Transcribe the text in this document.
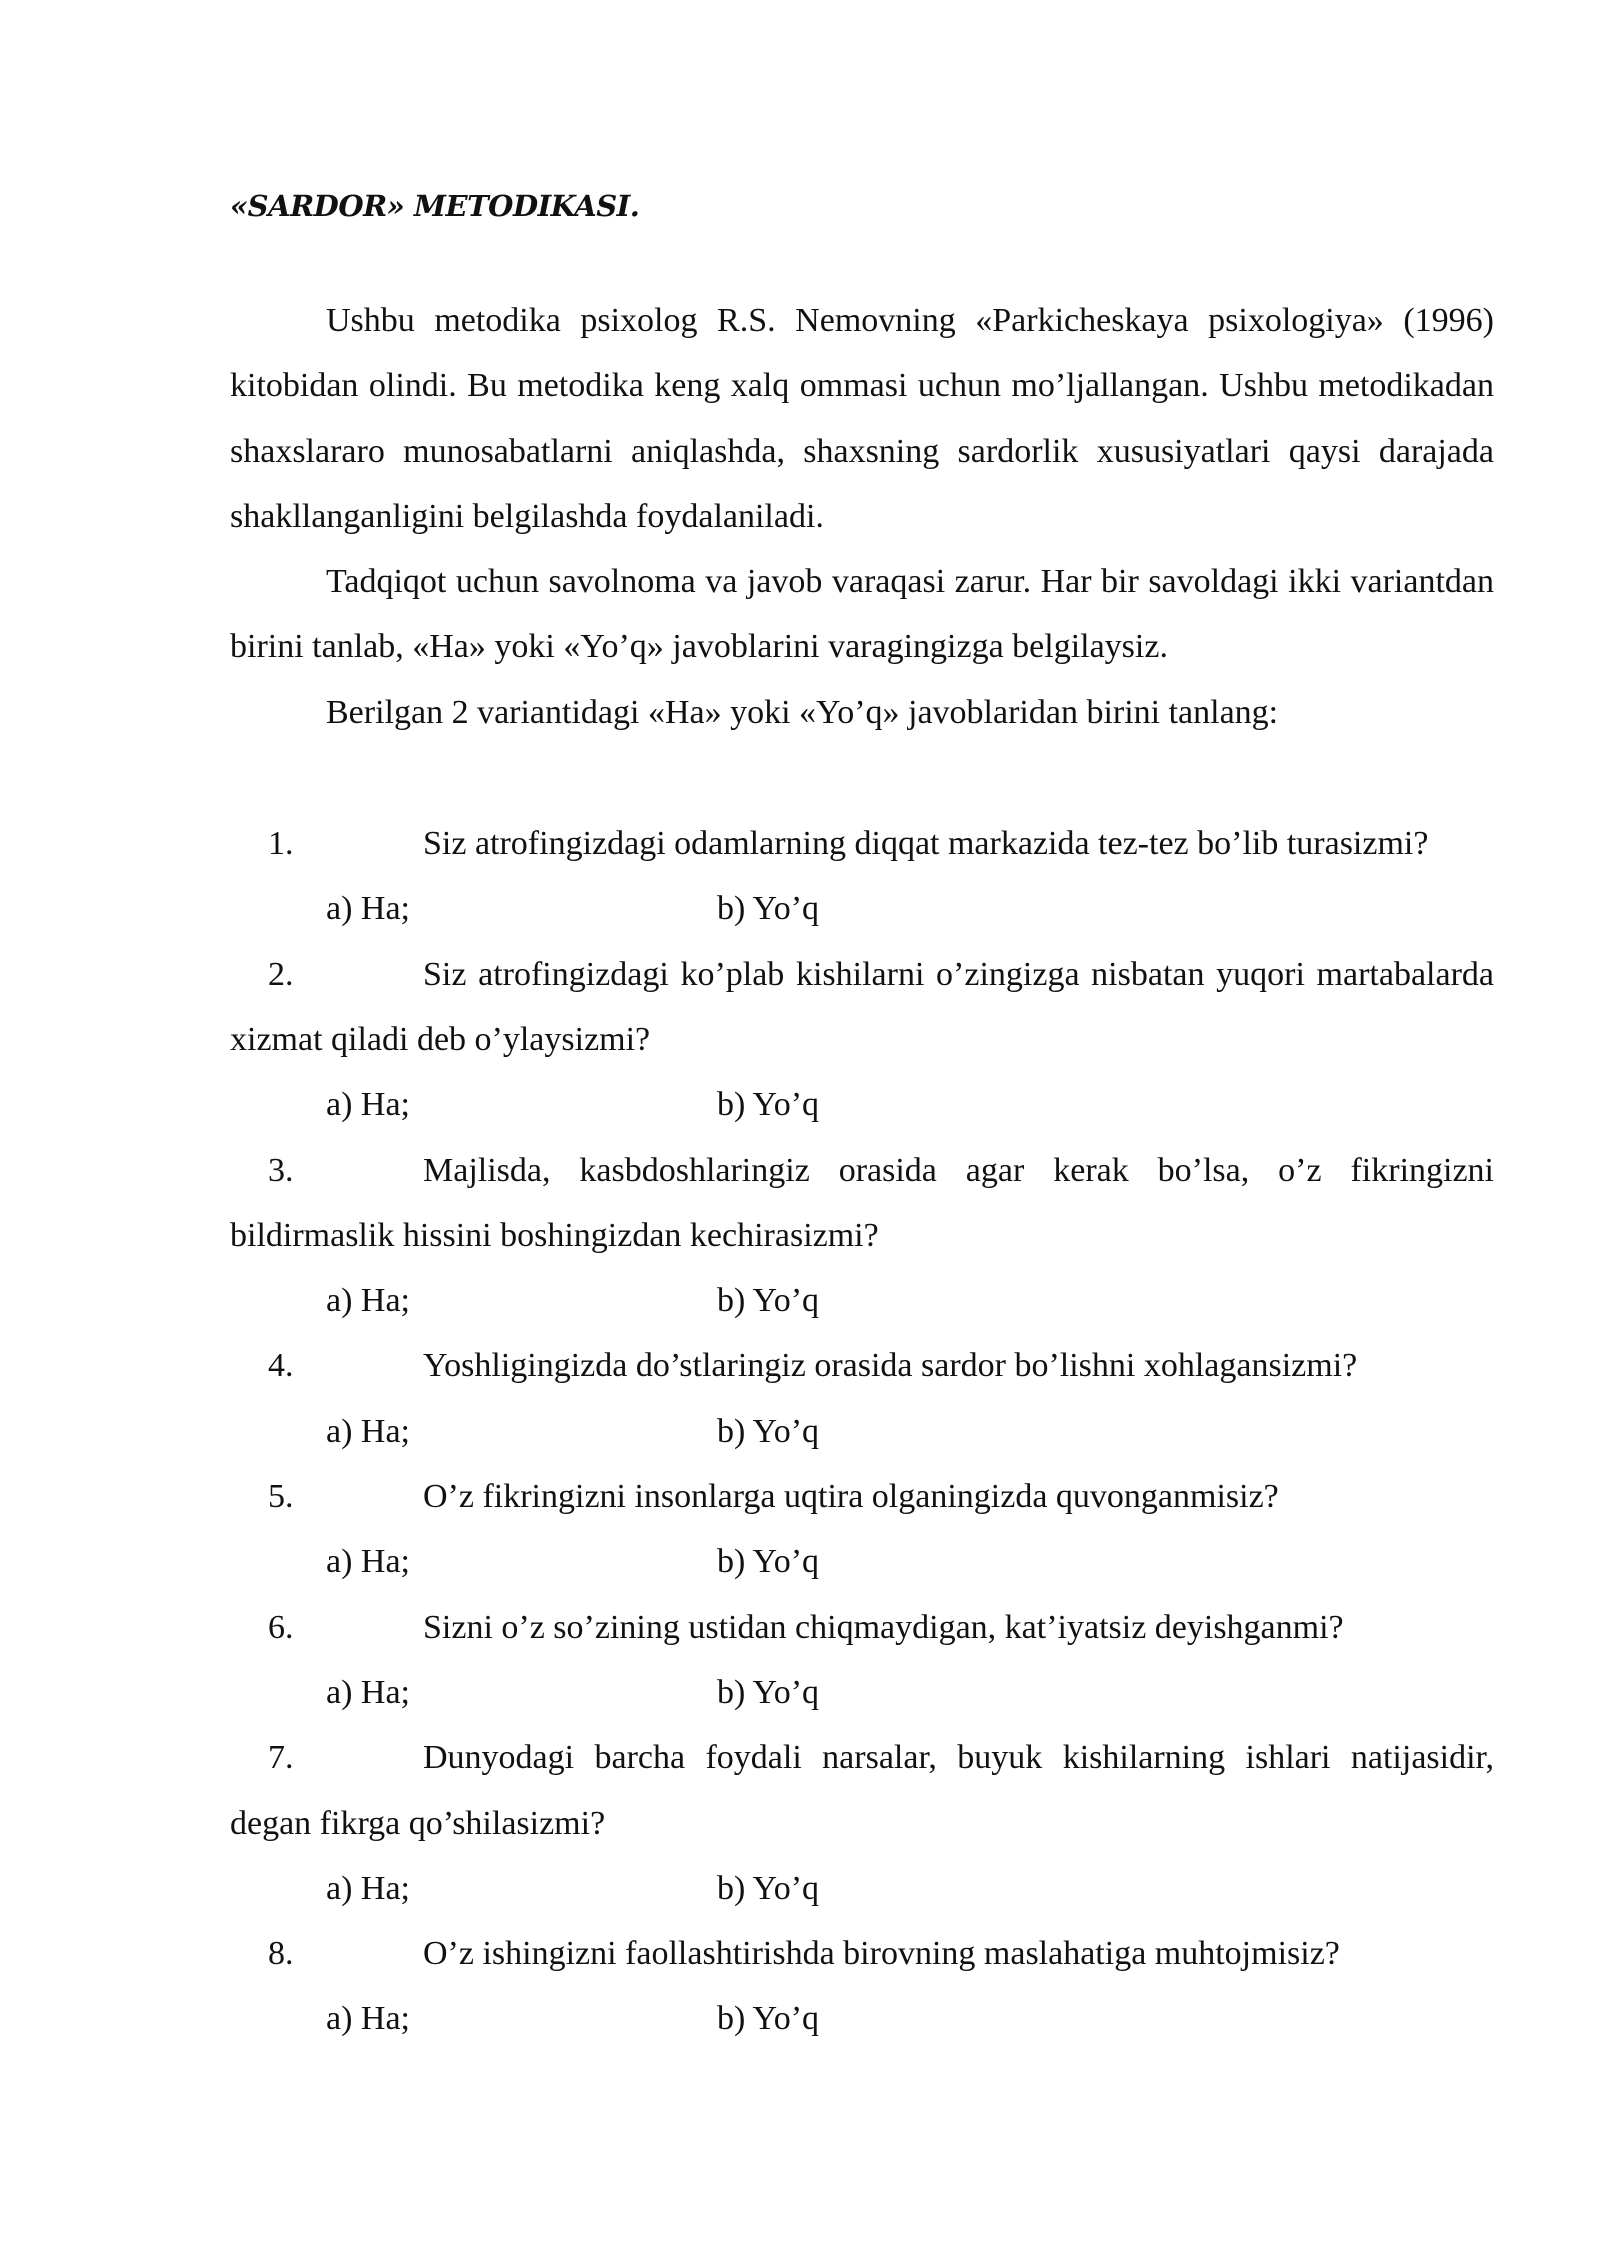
«SARDOR» METODIKASI.

Ushbu metodika psixolog R.S. Nemovning «Parkicheskaya psixologiya» (1996) kitobidan olindi. Bu metodika keng xalq ommasi uchun mo’ljallangan. Ushbu metodikadan shaxslararo munosabatlarni aniqlashda, shaxsning sardorlik xususiyatlari qaysi darajada shakllanganligini belgilashda foydalaniladi.

Tadqiqot uchun savolnoma va javob varaqasi zarur. Har bir savoldagi ikki variantdan birini tanlab, «Ha» yoki «Yo’q» javoblarini varagingizga belgilaysiz.

Berilgan 2 variantidagi «Ha» yoki «Yo’q» javoblaridan birini tanlang:

1.	Siz atrofingizdagi odamlarning diqqat markazida tez-tez bo’lib turasizmi?

a) Ha;	b) Yo’q

2.	Siz atrofingizdagi ko’plab kishilarni o’zingizga nisbatan yuqori martabalarda xizmat qiladi deb o’ylaysizmi?

a) Ha;	b) Yo’q

3.	Majlisda, kasbdoshlaringiz orasida agar kerak bo’lsa, o’z fikringizni bildirmaslik hissini boshingizdan kechirasizmi?

a) Ha;	b) Yo’q

4.	Yoshligingizda do’stlaringiz orasida sardor bo’lishni xohlagansizmi?

a) Ha;	b) Yo’q

5.	O’z fikringizni insonlarga uqtira olganingizda quvonganmisiz?

a) Ha;	b) Yo’q

6.	Sizni o’z so’zining ustidan chiqmaydigan, kat’iyatsiz deyishganmi?

a) Ha;	b) Yo’q

7.	Dunyodagi barcha foydali narsalar, buyuk kishilarning ishlari natijasidir, degan fikrga qo’shilasizmi?

a) Ha;	b) Yo’q

8.	O’z ishingizni faollashtirishda birovning maslahatiga muhtojmisiz?

a) Ha;	b) Yo’q
